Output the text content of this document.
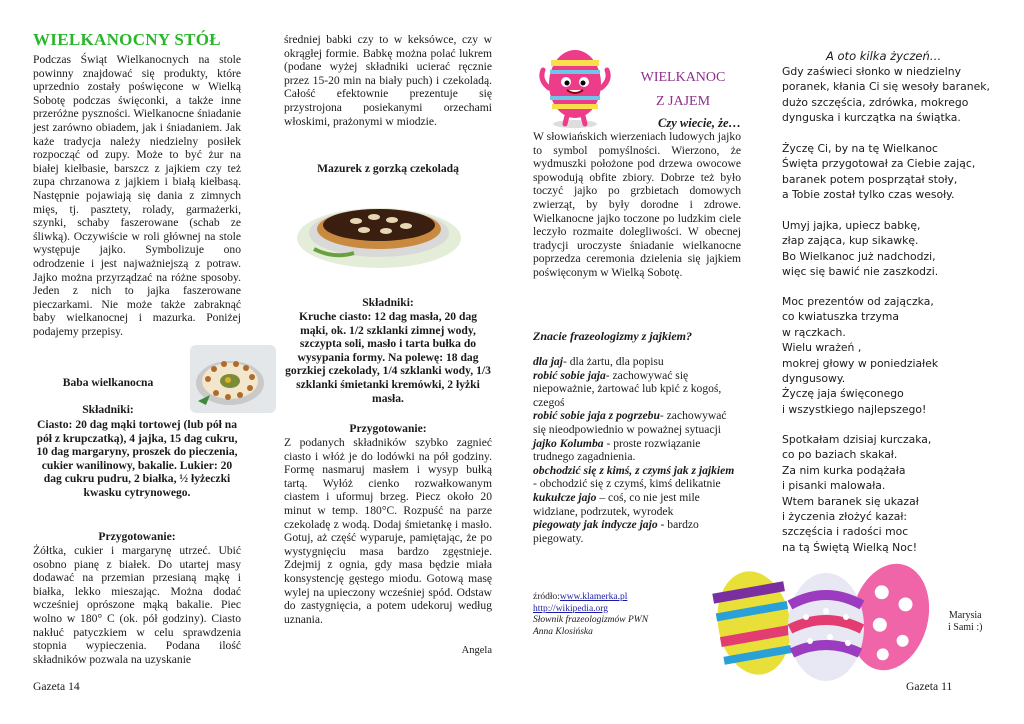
WIELKANOCNY STÓŁ

Podczas Świąt Wielkanocnych na stole powinny znajdować się produkty, które uprzednio zostały poświęcone w Wielką Sobotę podczas święconki, a także inne przeróżne pyszności. Wielkanocne śniadanie jest zarówno obiadem, jak i śniadaniem. Jak każe tradycja należy niedzielny posiłek rozpocząć od zupy. Może to być żur na białej kiełbasie, barszcz z jajkiem czy też zupa chrzanowa z jajkiem i białą kiełbasą. Następnie pojawiają się dania z zimnych mięs, tj. pasztety, rolady, garmażerki, szynki, schaby faszerowane (schab ze śliwką). Oczywiście w roli głównej na stole występuje jajko. Symbolizuje ono odrodzenie i jest najważniejszą z potraw. Jajko można przyrządzać na różne sposoby. Jeden z nich to jajka faszerowane pieczarkami. Nie może także zabraknąć baby wielkanocnej i mazurka. Poniżej podajemy przepisy.

Baba wielkanocna
Składniki:

Ciasto: 20 dag mąki tortowej (lub pół na pół z krupczatką), 4 jajka, 15 dag cukru, 10 dag margaryny, proszek do pieczenia, cukier wanilinowy, bakalie. Lukier: 20 dag cukru pudru, 2 białka, ½ łyżeczki kwasku cytrynowego.

Przygotowanie:

Żółtka, cukier i margarynę utrzeć. Ubić osobno pianę z białek. Do utartej masy dodawać na przemian przesianą mąkę i białka, lekko mieszając. Można dodać wcześniej oprószone mąką bakalie. Piec wolno w 180° C (ok. pół godziny). Ciasto nakłuć patyczkiem w celu sprawdzenia stopnia wypieczenia. Podana ilość składników pozwala na uzyskanie

Gazeta 14

średniej babki czy to w keksówce, czy w okrągłej formie. Babkę można polać lukrem (podane wyżej składniki ucierać ręcznie przez 15-20 min na biały puch) i czekoladą. Całość efektownie prezentuje się przystrojona posiekanymi orzechami włoskimi, prażonymi w miodzie.

Mazurek z gorzką czekoladą
Składniki:

Kruche ciasto: 12 dag masła, 20 dag mąki, ok. 1/2 szklanki zimnej wody, szczypta soli, masło i tarta bułka do wysypania formy. Na polewę: 18 dag gorzkiej czekolady, 1/4 szklanki wody, 1/3 szklanki śmietanki kremówki, 2 łyżki masła.

Przygotowanie:

Z podanych składników szybko zagnieć ciasto i włóż je do lodówki na pół godziny. Formę nasmaruj masłem i wysyp bułką tartą. Wyłóż cienko rozwałkowanym ciastem i uformuj brzeg. Piecz około 20 minut w temp. 180°C. Rozpuść na parze czekoladę z wodą. Dodaj śmietankę i masło. Gotuj, aż część wyparuje, pamiętając, że po wystygnięciu masa bardzo zgęstnieje. Zdejmij z ognia, gdy masa będzie miała konsystencję gęstego miodu. Gotową masę wylej na upieczony wcześniej spód. Odstaw do zastygnięcia, a potem udekoruj według uznania.

Angela
WIELKANOC
Z JAJEM
Czy wiecie, że…

W słowiańskich wierzeniach ludowych jajko to symbol pomyślności. Wierzono, że wydmuszki położone pod drzewa owocowe spowodują obfite zbiory. Dobrze też było toczyć jajko po grzbietach domowych zwierząt, by były dorodne i zdrowe. Wielkanocne jajko toczone po ludzkim ciele leczyło rozmaite dolegliwości. W obecnej tradycji uroczyste śniadanie wielkanocne poprzedza ceremonia dzielenia się jajkiem poświęconym w Wielką Sobotę.

Znacie frazeologizmy z jajkiem?

dla jaj- dla żartu, dla popisu

robić sobie jaja- zachowywać się niepoważnie, żartować lub kpić z kogoś, czegoś

robić sobie jaja z pogrzebu- zachowywać się nieodpowiednio w poważnej sytuacji

jajko Kolumba - proste rozwiązanie trudnego zagadnienia.

obchodzić się z kimś, z czymś jak z jajkiem - obchodzić się z czymś, kimś delikatnie

kukułcze jajo – coś, co nie jest mile widziane, podrzutek, wyrodek

piegowaty jak indycze jajo - bardzo piegowaty.

źródło:www.klamerka.pl
http://wikipedia.org
Słownik frazeologizmów PWN
Anna Klosińska
A oto kilka życzeń…

Gdy zaświeci słonko w niedzielny

poranek, kłania Ci się wesoły baranek,

dużo szczęścia, zdrówka, mokrego

dynguska i kurczątka na świątka.

Życzę Ci, by na tę Wielkanoc

Święta przygotował za Ciebie zając,

baranek potem posprzątał stoły,

a Tobie został tylko czas wesoły.

Umyj jajka, upiecz babkę,

złap zająca, kup sikawkę.

Bo Wielkanoc już nadchodzi,

więc się bawić nie zaszkodzi.

Moc prezentów od zajączka,

co kwiatuszka trzyma

w rączkach.

Wielu wrażeń ,

mokrej głowy w poniedziałek

dyngusowy.

Życzę jaja święconego

i wszystkiego najlepszego!

Spotkałam dzisiaj kurczaka,

co po baziach skakał.

Za nim kurka podążała

i pisanki malowała.

Wtem baranek się ukazał

i życzenia złożyć kazał:

szczęścia i radości moc

na tą Świętą Wielką Noc!

Marysia
i Sami :)
Gazeta 11
